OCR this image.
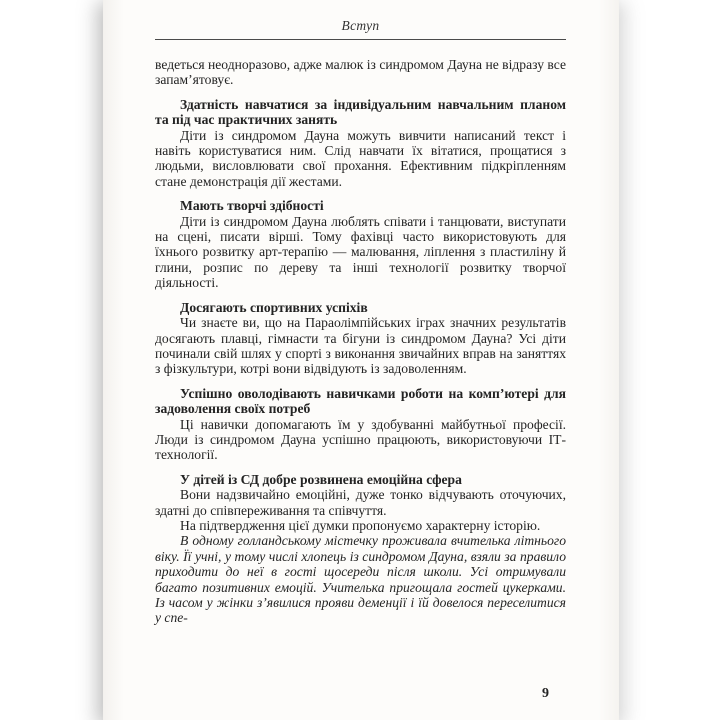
Вступ

ведеться неодноразово, адже малюк із синдромом Дауна не відразу все запам’ятовує.

Здатність навчатися за індивідуальним навчальним планом та під час практичних занять

Діти із синдромом Дауна можуть вивчити написаний текст і навіть користуватися ним. Слід навчати їх вітатися, прощатися з людьми, висловлювати свої прохання. Ефективним підкріпленням стане демонстрація дії жестами.

Мають творчі здібності

Діти із синдромом Дауна люблять співати і танцювати, виступати на сцені, писати вірші. Тому фахівці часто використовують для їхнього розвитку арт-терапію — малювання, ліплення з пластиліну й глини, розпис по дереву та інші технології розвитку творчої діяльності.

Досягають спортивних успіхів

Чи знаєте ви, що на Параолімпійських іграх значних результатів досягають плавці, гімнасти та бігуни із синдромом Дауна? Усі діти починали свій шлях у спорті з виконання звичайних вправ на заняттях з фізкультури, котрі вони відвідують із задоволенням.

Успішно оволодівають навичками роботи на комп’ютері для задоволення своїх потреб

Ці навички допомагають їм у здобуванні майбутньої професії. Люди із синдромом Дауна успішно працюють, використовуючи ІТ-технології.

У дітей із СД добре розвинена емоційна сфера

Вони надзвичайно емоційні, дуже тонко відчувають оточуючих, здатні до співпереживання та співчуття.

На підтвердження цієї думки пропонуємо характерну історію.

В одному голландському містечку проживала вчителька літнього віку. Її учні, у тому числі хлопець із синдромом Дауна, взяли за правило приходити до неї в гості щосереди після школи. Усі отримували багато позитивних емоцій. Учителька пригощала гостей цукерками. Із часом у жінки з’явилися прояви деменції і їй довелося переселитися у спе-

9
